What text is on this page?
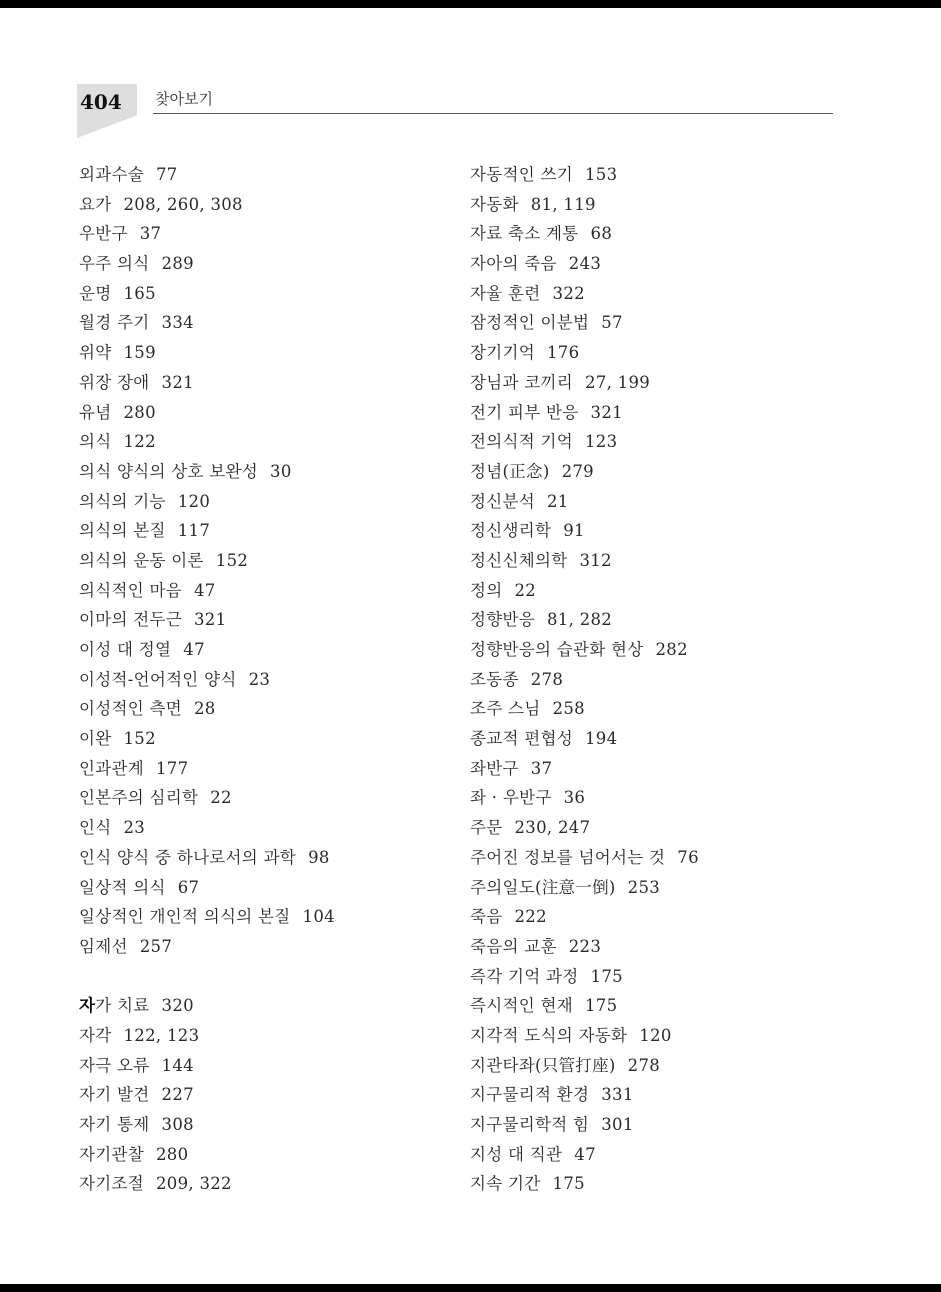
404 찾아보기
외과수술 77
요가 208, 260, 308
우반구 37
우주 의식 289
운명 165
월경 주기 334
위약 159
위장 장애 321
유념 280
의식 122
의식 양식의 상호 보완성 30
의식의 기능 120
의식의 본질 117
의식의 운동 이론 152
의식적인 마음 47
이마의 전두근 321
이성 대 정열 47
이성적-언어적인 양식 23
이성적인 측면 28
이완 152
인과관계 177
인본주의 심리학 22
인식 23
인식 양식 중 하나로서의 과학 98
일상적 의식 67
일상적인 개인적 의식의 본질 104
임제선 257
자가 치료 320
자각 122, 123
자극 오류 144
자기 발견 227
자기 통제 308
자기관찰 280
자기조절 209, 322
자동적인 쓰기 153
자동화 81, 119
자료 축소 계통 68
자아의 죽음 243
자율 훈련 322
잠정적인 이분법 57
장기기억 176
장님과 코끼리 27, 199
전기 피부 반응 321
전의식적 기억 123
정념(正念) 279
정신분석 21
정신생리학 91
정신신체의학 312
정의 22
정향반응 81, 282
정향반응의 습관화 현상 282
조동종 278
조주 스님 258
종교적 편협성 194
좌반구 37
좌 · 우반구 36
주문 230, 247
주어진 정보를 넘어서는 것 76
주의일도(注意一倒) 253
죽음 222
죽음의 교훈 223
즉각 기억 과정 175
즉시적인 현재 175
지각적 도식의 자동화 120
지관타좌(只管打座) 278
지구물리적 환경 331
지구물리학적 힘 301
지성 대 직관 47
지속 기간 175
